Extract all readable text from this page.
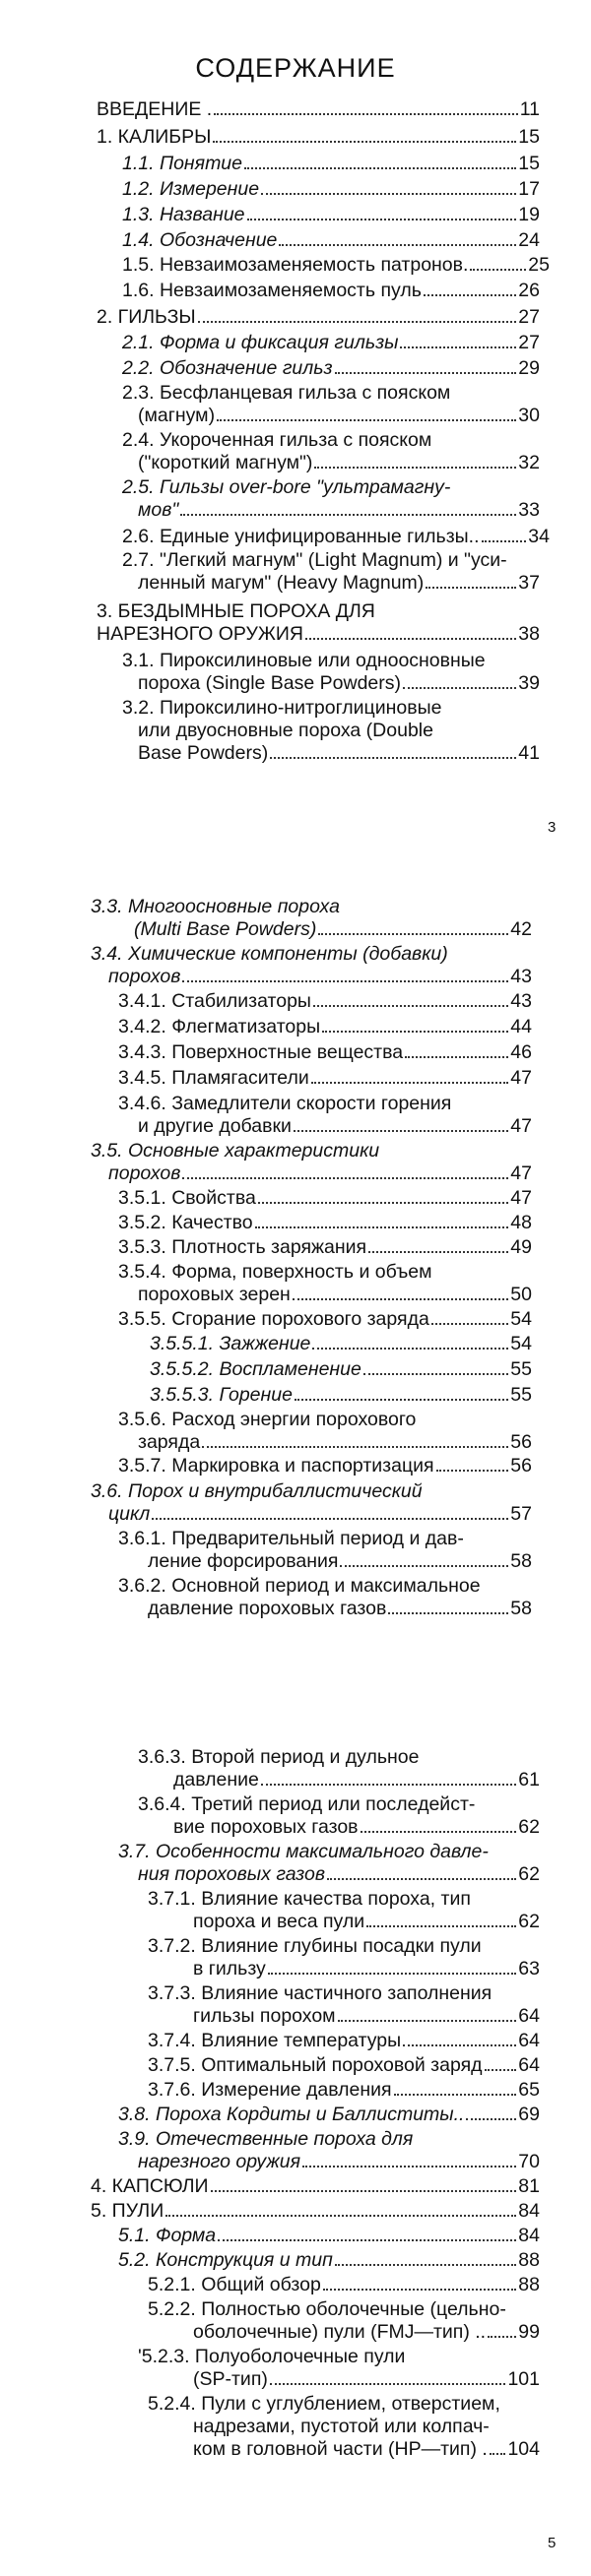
СОДЕРЖАНИЕ
ВВЕДЕНИЕ .	11
1. КАЛИБРЫ	15
1.1. Понятие	15
1.2. Измерение	17
1.3. Название	19
1.4. Обозначение	24
1.5. Невзаимозаменяемость патронов.	25
1.6. Невзаимозаменяемость пуль	26
2. ГИЛЬЗЫ	27
2.1. Форма и фиксация гильзы	27
2.2. Обозначение гильз	29
2.3. Бесфланцевая гильза с пояском
(магнум)	30
2.4. Укороченная гильза с пояском
("короткий магнум")	32
2.5. Гильзы over-bore "ультрамагну-
мов"	33
2.6. Единые унифицированные гильзы..	34
2.7. "Легкий магнум" (Light Magnum) и "уси-
ленный магум" (Heavy Magnum)	37
3. БЕЗДЫМНЫЕ ПОРОХА ДЛЯ
НАРЕЗНОГО ОРУЖИЯ	38
3.1. Пироксилиновые или одноосновные
пороха (Single Base Powders)	39
3.2. Пироксилино-нитроглициновые
или двуосновные пороха (Double
Base Powders)	41
3
3.3. Многоосновные пороха
(Multi Base Powders)	42
3.4. Химические компоненты (добавки)
порохов	43
3.4.1. Стабилизаторы	43
3.4.2. Флегматизаторы	44
3.4.3. Поверхностные вещества	46
3.4.5. Пламягасители	47
3.4.6. Замедлители скорости горения
и другие добавки	47
3.5. Основные характеристики
порохов	47
3.5.1. Свойства	47
3.5.2. Качество	48
3.5.3. Плотность заряжания	49
3.5.4. Форма, поверхность и объем
пороховых зерен	50
3.5.5. Сгорание порохового заряда	54
3.5.5.1. Зажжение	54
3.5.5.2. Воспламенение	55
3.5.5.3. Горение	55
3.5.6. Расход энергии порохового
заряда	56
3.5.7. Маркировка и паспортизация	56
3.6. Порох и внутрибаллистический
цикл	57
3.6.1. Предварительный период и дав-
ление форсирования	58
3.6.2. Основной период и максимальное
давление пороховых газов	58
3.6.3. Второй период и дульное
давление	61
3.6.4. Третий период или последейст-
вие пороховых газов	62
3.7. Особенности максимального давле-
ния пороховых газов	62
3.7.1. Влияние качества пороха, тип
пороха и веса пули	62
3.7.2. Влияние глубины посадки пули
в гильзу	63
3.7.3. Влияние частичного заполнения
гильзы порохом	64
3.7.4. Влияние температуры	64
3.7.5. Оптимальный пороховой заряд 64
3.7.6. Измерение давления	65
3.8. Пороха Кордиты и Баллиститы..	69
3.9. Отечественные пороха для
нарезного оружия	70
4. КАПСЮЛИ	81
5. ПУЛИ	84
5.1. Форма	84
5.2. Конструкция и тип	88
5.2.1. Общий обзор	88
5.2.2. Полностью оболочечные (цельно-
оболочечные) пули (FMJ—тип) .. 99
'5.2.3. Полуоболочечные пули
(SP-тип)	101
5.2.4. Пули с углублением, отверстием,
надрезами, пустотой или колпач-
ком в головной части (HP—тип) . 104
5
